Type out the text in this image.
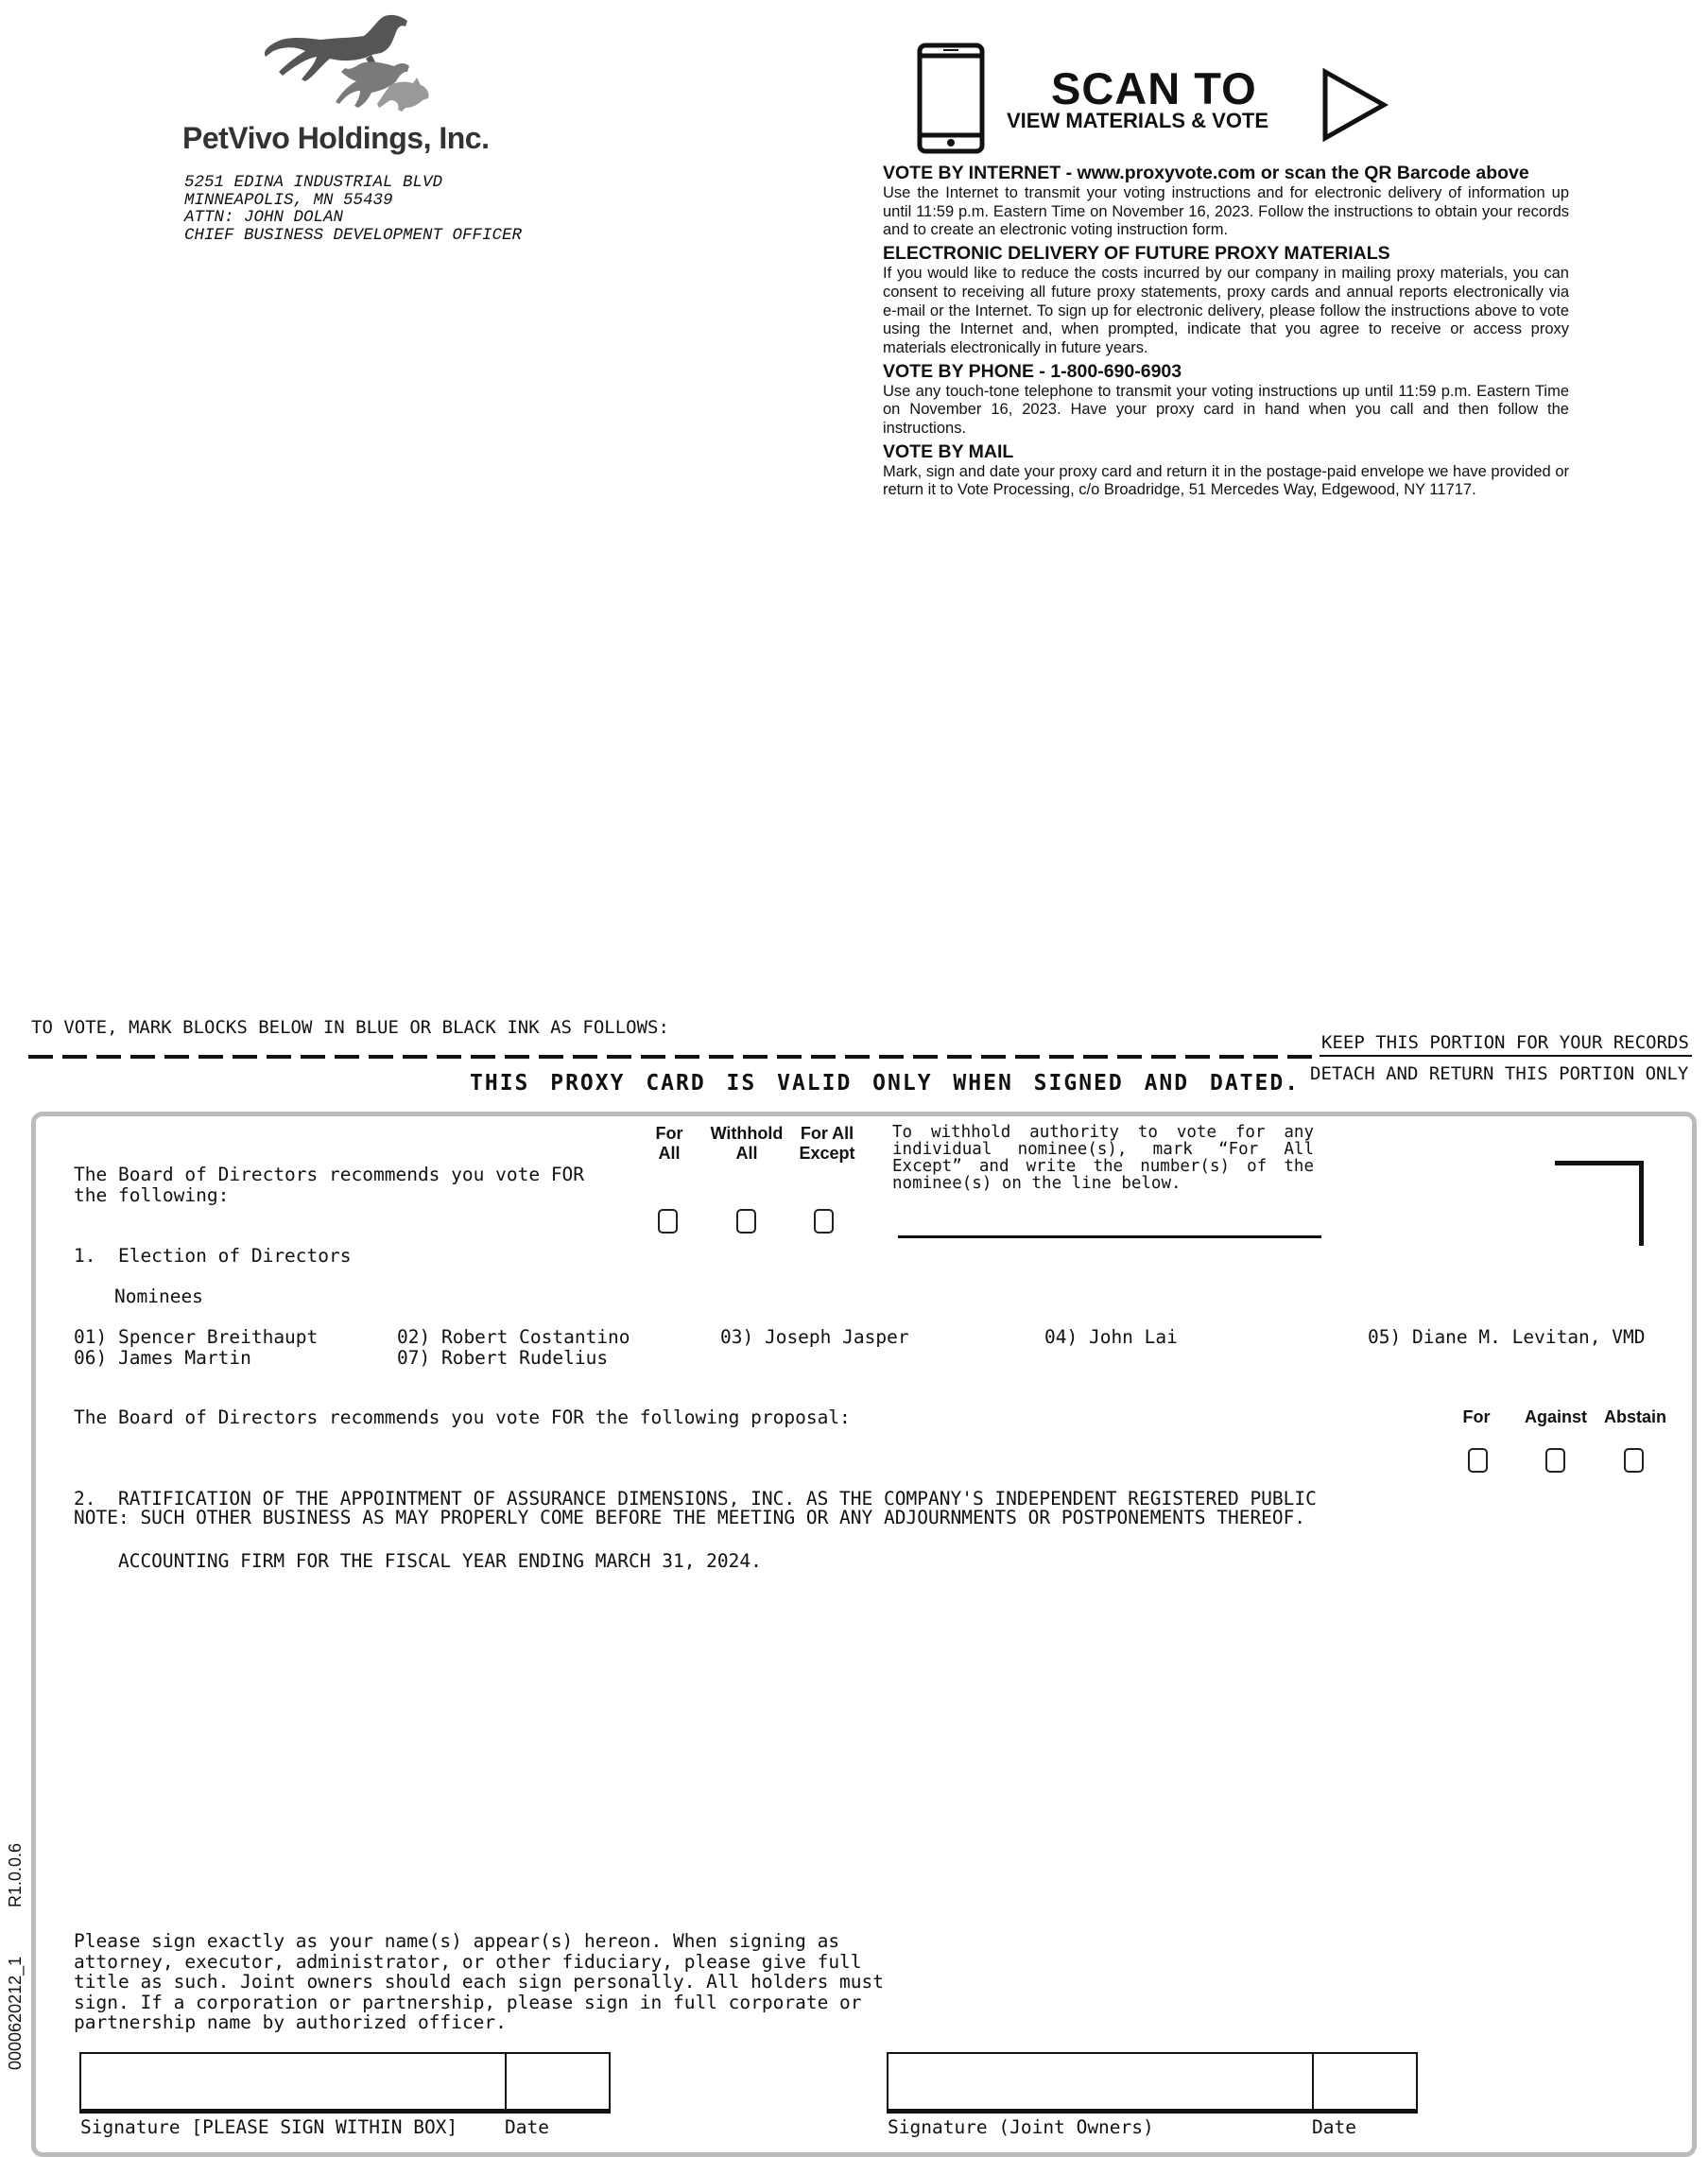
PetVivo Holdings, Inc.
5251 EDINA INDUSTRIAL BLVD
MINNEAPOLIS, MN 55439
ATTN: JOHN DOLAN
CHIEF BUSINESS DEVELOPMENT OFFICER
SCAN TO
VIEW MATERIALS & VOTE
VOTE BY INTERNET - www.proxyvote.com or scan the QR Barcode above

Use the Internet to transmit your voting instructions and for electronic delivery of information up until 11:59 p.m. Eastern Time on November 16, 2023. Follow the instructions to obtain your records and to create an electronic voting instruction form.

ELECTRONIC DELIVERY OF FUTURE PROXY MATERIALS

If you would like to reduce the costs incurred by our company in mailing proxy materials, you can consent to receiving all future proxy statements, proxy cards and annual reports electronically via e-mail or the Internet. To sign up for electronic delivery, please follow the instructions above to vote using the Internet and, when prompted, indicate that you agree to receive or access proxy materials electronically in future years.

VOTE BY PHONE - 1-800-690-6903

Use any touch-tone telephone to transmit your voting instructions up until 11:59 p.m. Eastern Time on November 16, 2023. Have your proxy card in hand when you call and then follow the instructions.

VOTE BY MAIL

Mark, sign and date your proxy card and return it in the postage-paid envelope we have provided or return it to Vote Processing, c/o Broadridge, 51 Mercedes Way, Edgewood, NY 11717.

TO VOTE, MARK BLOCKS BELOW IN BLUE OR BLACK INK AS FOLLOWS:
KEEP THIS PORTION FOR YOUR RECORDS
DETACH AND RETURN THIS PORTION ONLY
THIS PROXY CARD IS VALID ONLY WHEN SIGNED AND DATED.
The Board of Directors recommends you vote FOR
the following:
For
All
Withhold
All
For All
Except
To withhold authority to vote for any individual nominee(s), mark “For All Except” and write the number(s) of the nominee(s) on the line below.
1.  Election of Directors
Nominees
01) Spencer Breithaupt	02) Robert Costantino	03) Joseph Jasper	04) John Lai	05) Diane M. Levitan, VMD
06) James Martin	07) Robert Rudelius
The Board of Directors recommends you vote FOR the following proposal:	For	Against Abstain

2.  RATIFICATION OF THE APPOINTMENT OF ASSURANCE DIMENSIONS, INC. AS THE COMPANY'S INDEPENDENT REGISTERED PUBLIC

ACCOUNTING FIRM FOR THE FISCAL YEAR ENDING MARCH 31, 2024.

NOTE: SUCH OTHER BUSINESS AS MAY PROPERLY COME BEFORE THE MEETING OR ANY ADJOURNMENTS OR POSTPONEMENTS THEREOF.
Please sign exactly as your name(s) appear(s) hereon. When signing as
attorney, executor, administrator, or other fiduciary, please give full
title as such. Joint owners should each sign personally. All holders must
sign. If a corporation or partnership, please sign in full corporate or
partnership name by authorized officer.
Signature [PLEASE SIGN WITHIN BOX]	Date	Signature (Joint Owners)	Date
0000620212_1
R1.0.0.6
